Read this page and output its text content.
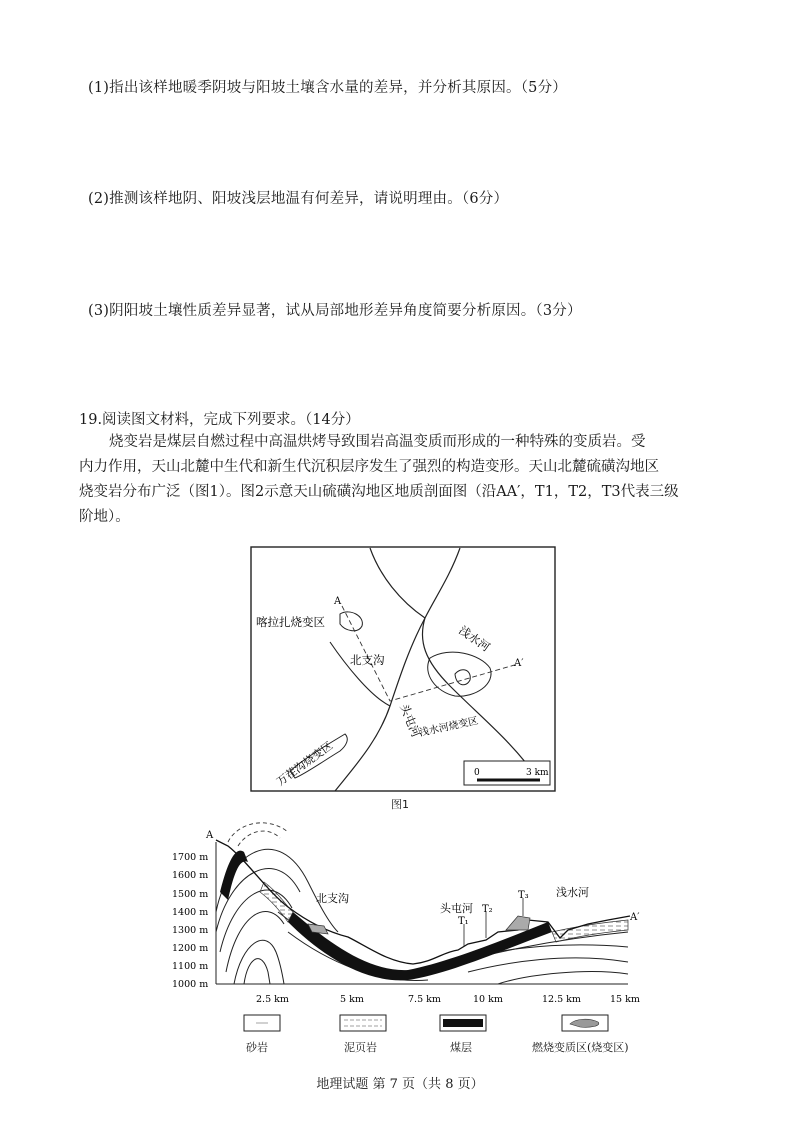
(1)指出该样地暖季阴坡与阳坡土壤含水量的差异，并分析其原因。（5分）
(2)推测该样地阴、阳坡浅层地温有何差异，请说明理由。（6分）
(3)阴阳坡土壤性质差异显著，试从局部地形差异角度简要分析原因。（3分）
19.阅读图文材料，完成下列要求。（14分）
烧变岩是煤层自燃过程中高温烘烤导致围岩高温变质而形成的一种特殊的变质岩。受
内力作用，天山北麓中生代和新生代沉积层序发生了强烈的构造变形。天山北麓硫磺沟地区
烧变岩分布广泛（图1）。图2示意天山硫磺沟地区地质剖面图（沿AA′，T1，T2，T3代表三级
阶地）。
A
A′
喀拉扎烧变区
北支沟
浅水河
头屯河
浅水河烧变区
万茬沟烧变区	0	3 km
图1
1700 m
1600 m
1500 m
1400 m
1300 m
1200 m
1100 m
1000 m
2.5 km	5 km	7.5 km	10 km	12.5 km	15 km
A
A′
北支沟
头屯河
浅水河
T₁
T₂
T₃
砂岩	泥页岩	煤层	燃烧变质区(烧变区)
地理试题 第 7 页（共 8 页）
